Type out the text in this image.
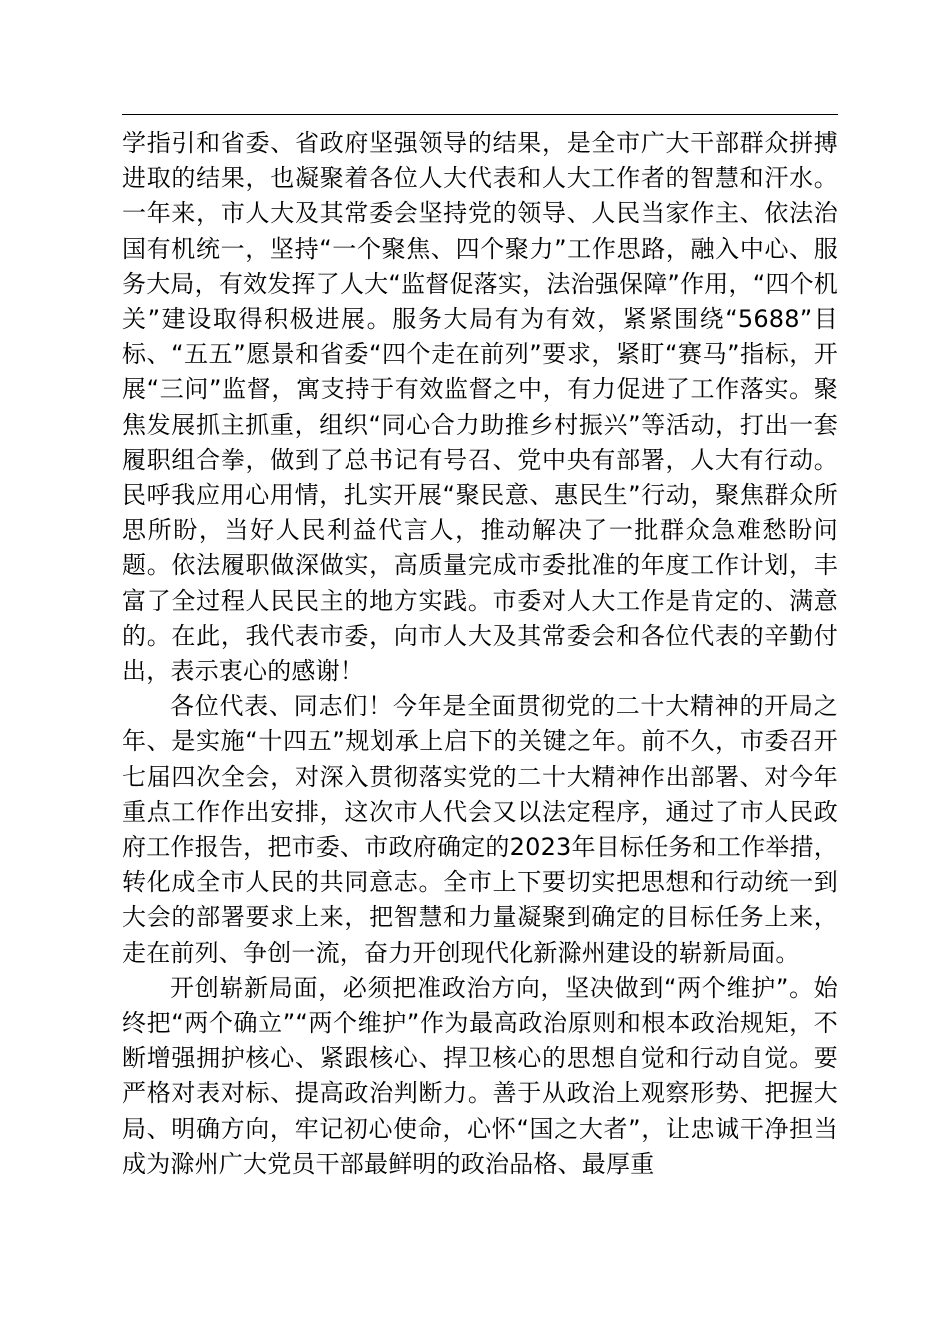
学指引和省委、省政府坚强领导的结果，是全市广大干部群众拼搏进取的结果，也凝聚着各位人大代表和人大工作者的智慧和汗水。一年来，市人大及其常委会坚持党的领导、人民当家作主、依法治国有机统一，坚持“一个聚焦、四个聚力”工作思路，融入中心、服务大局，有效发挥了人大“监督促落实，法治强保障”作用，“四个机关”建设取得积极进展。服务大局有为有效，紧紧围绕“5688”目标、“五五”愿景和省委“四个走在前列”要求，紧盯“赛马”指标，开展“三问”监督，寓支持于有效监督之中，有力促进了工作落实。聚焦发展抓主抓重，组织“同心合力助推乡村振兴”等活动，打出一套履职组合拳，做到了总书记有号召、党中央有部署，人大有行动。民呼我应用心用情，扎实开展“聚民意、惠民生”行动，聚焦群众所思所盼，当好人民利益代言人，推动解决了一批群众急难愁盼问题。依法履职做深做实，高质量完成市委批准的年度工作计划，丰富了全过程人民民主的地方实践。市委对人大工作是肯定的、满意的。在此，我代表市委，向市人大及其常委会和各位代表的辛勤付出，表示衷心的感谢！

各位代表、同志们！今年是全面贯彻党的二十大精神的开局之年、是实施“十四五”规划承上启下的关键之年。前不久，市委召开七届四次全会，对深入贯彻落实党的二十大精神作出部署、对今年重点工作作出安排，这次市人代会又以法定程序，通过了市人民政府工作报告，把市委、市政府确定的2023年目标任务和工作举措，转化成全市人民的共同意志。全市上下要切实把思想和行动统一到大会的部署要求上来，把智慧和力量凝聚到确定的目标任务上来，走在前列、争创一流，奋力开创现代化新滁州建设的崭新局面。

开创崭新局面，必须把准政治方向，坚决做到“两个维护”。始终把“两个确立”“两个维护”作为最高政治原则和根本政治规矩，不断增强拥护核心、紧跟核心、捍卫核心的思想自觉和行动自觉。要严格对表对标、提高政治判断力。善于从政治上观察形势、把握大局、明确方向，牢记初心使命，心怀“国之大者”，让忠诚干净担当成为滁州广大党员干部最鲜明的政治品格、最厚重
